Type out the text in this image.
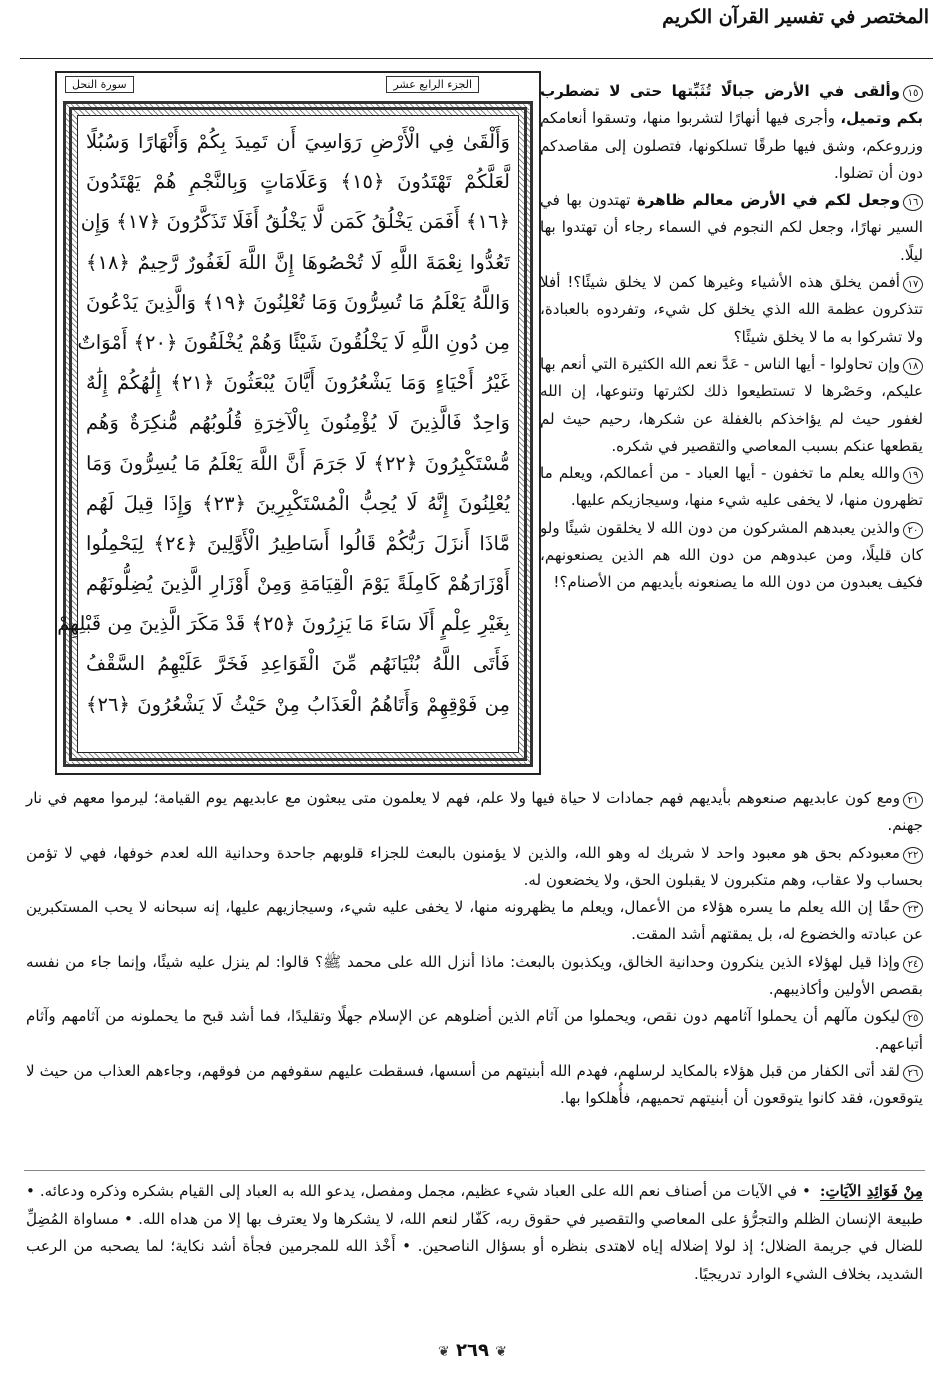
المختصر في تفسير القرآن الكريم
الجزء الرابع عشر
سورة النحل
وَأَلْقَىٰ فِي الْأَرْضِ رَوَاسِيَ أَن تَمِيدَ بِكُمْ وَأَنْهَارًا وَسُبُلًا
لَّعَلَّكُمْ تَهْتَدُونَ ﴿١٥﴾ وَعَلَامَاتٍ وَبِالنَّجْمِ هُمْ يَهْتَدُونَ
﴿١٦﴾ أَفَمَن يَخْلُقُ كَمَن لَّا يَخْلُقُ أَفَلَا تَذَكَّرُونَ ﴿١٧﴾ وَإِن
تَعُدُّوا نِعْمَةَ اللَّهِ لَا تُحْصُوهَا إِنَّ اللَّهَ لَغَفُورٌ رَّحِيمٌ ﴿١٨﴾
وَاللَّهُ يَعْلَمُ مَا تُسِرُّونَ وَمَا تُعْلِنُونَ ﴿١٩﴾ وَالَّذِينَ يَدْعُونَ
مِن دُونِ اللَّهِ لَا يَخْلُقُونَ شَيْئًا وَهُمْ يُخْلَقُونَ ﴿٢٠﴾ أَمْوَاتٌ
غَيْرُ أَحْيَاءٍ وَمَا يَشْعُرُونَ أَيَّانَ يُبْعَثُونَ ﴿٢١﴾ إِلَٰهُكُمْ إِلَٰهٌ
وَاحِدٌ فَالَّذِينَ لَا يُؤْمِنُونَ بِالْآخِرَةِ قُلُوبُهُم مُّنكِرَةٌ وَهُم
مُّسْتَكْبِرُونَ ﴿٢٢﴾ لَا جَرَمَ أَنَّ اللَّهَ يَعْلَمُ مَا يُسِرُّونَ وَمَا
يُعْلِنُونَ إِنَّهُ لَا يُحِبُّ الْمُسْتَكْبِرِينَ ﴿٢٣﴾ وَإِذَا قِيلَ لَهُم
مَّاذَا أَنزَلَ رَبُّكُمْ قَالُوا أَسَاطِيرُ الْأَوَّلِينَ ﴿٢٤﴾ لِيَحْمِلُوا
أَوْزَارَهُمْ كَامِلَةً يَوْمَ الْقِيَامَةِ وَمِنْ أَوْزَارِ الَّذِينَ يُضِلُّونَهُم
بِغَيْرِ عِلْمٍ أَلَا سَاءَ مَا يَزِرُونَ ﴿٢٥﴾ قَدْ مَكَرَ الَّذِينَ مِن قَبْلِهِمْ
فَأَتَى اللَّهُ بُنْيَانَهُم مِّنَ الْقَوَاعِدِ فَخَرَّ عَلَيْهِمُ السَّقْفُ
مِن فَوْقِهِمْ وَأَتَاهُمُ الْعَذَابُ مِنْ حَيْثُ لَا يَشْعُرُونَ ﴿٢٦﴾

١٥وألقى في الأرض جبالًا تُثَبِّتها حتى لا تضطرب بكم وتميل، وأجرى فيها أنهارًا لتشربوا منها، وتسقوا أنعامكم وزروعكم، وشق فيها طرقًا تسلكونها، فتصلون إلى مقاصدكم دون أن تضلوا.

١٦وجعل لكم في الأرض معالم ظاهرة تهتدون بها في السير نهارًا، وجعل لكم النجوم في السماء رجاء أن تهتدوا بها ليلًا.

١٧أفمن يخلق هذه الأشياء وغيرها كمن لا يخلق شيئًا؟! أفلا تتذكرون عظمة الله الذي يخلق كل شيء، وتفردوه بالعبادة، ولا تشركوا به ما لا يخلق شيئًا؟

١٨وإن تحاولوا - أيها الناس - عَدَّ نعم الله الكثيرة التي أنعم بها عليكم، وحَصْرها لا تستطيعوا ذلك لكثرتها وتنوعها، إن الله لغفور حيث لم يؤاخذكم بالغفلة عن شكرها، رحيم حيث لم يقطعها عنكم بسبب المعاصي والتقصير في شكره.

١٩والله يعلم ما تخفون - أيها العباد - من أعمالكم، ويعلم ما تظهرون منها، لا يخفى عليه شيء منها، وسيجازيكم عليها.

٢٠والذين يعبدهم المشركون من دون الله لا يخلقون شيئًا ولو كان قليلًا، ومن عبدوهم من دون الله هم الذين يصنعونهم، فكيف يعبدون من دون الله ما يصنعونه بأيديهم من الأصنام؟!

٢١ومع كون عابديهم صنعوهم بأيديهم فهم جمادات لا حياة فيها ولا علم، فهم لا يعلمون متى يبعثون مع عابديهم يوم القيامة؛ ليرموا معهم في نار جهنم.

٢٢معبودكم بحق هو معبود واحد لا شريك له وهو الله، والذين لا يؤمنون بالبعث للجزاء قلوبهم جاحدة وحدانية الله لعدم خوفها، فهي لا تؤمن بحساب ولا عقاب، وهم متكبرون لا يقبلون الحق، ولا يخضعون له.

٢٣حقًا إن الله يعلم ما يسره هؤلاء من الأعمال، ويعلم ما يظهرونه منها، لا يخفى عليه شيء، وسيجازيهم عليها، إنه سبحانه لا يحب المستكبرين عن عبادته والخضوع له، بل يمقتهم أشد المقت.

٢٤وإذا قيل لهؤلاء الذين ينكرون وحدانية الخالق، ويكذبون بالبعث: ماذا أنزل الله على محمد ﷺ؟ قالوا: لم ينزل عليه شيئًا، وإنما جاء من نفسه بقصص الأولين وأكاذيبهم.

٢٥ليكون مآلهم أن يحملوا آثامهم دون نقص، ويحملوا من آثام الذين أضلوهم عن الإسلام جهلًا وتقليدًا، فما أشد قبح ما يحملونه من آثامهم وآثام أتباعهم.

٢٦لقد أتى الكفار من قبل هؤلاء بالمكايد لرسلهم، فهدم الله أبنيتهم من أسسها، فسقطت عليهم سقوفهم من فوقهم، وجاءهم العذاب من حيث لا يتوقعون، فقد كانوا يتوقعون أن أبنيتهم تحميهم، فأُهلكوا بها.

مِنْ فَوَائِدِ الآيَاتِ: • في الآيات من أصناف نعم الله على العباد شيء عظيم، مجمل ومفصل، يدعو الله به العباد إلى القيام بشكره وذكره ودعائه. • طبيعة الإنسان الظلم والتجرُّؤ على المعاصي والتقصير في حقوق ربه، كَفّار لنعم الله، لا يشكرها ولا يعترف بها إلا من هداه الله. • مساواة المُضِلِّ للضال في جريمة الضلال؛ إذ لولا إضلاله إياه لاهتدى بنظره أو بسؤال الناصحين. • أَخْذ الله للمجرمين فجأة أشد نكاية؛ لما يصحبه من الرعب الشديد، بخلاف الشيء الوارد تدريجيًا.
❦ ٢٦٩ ❦
